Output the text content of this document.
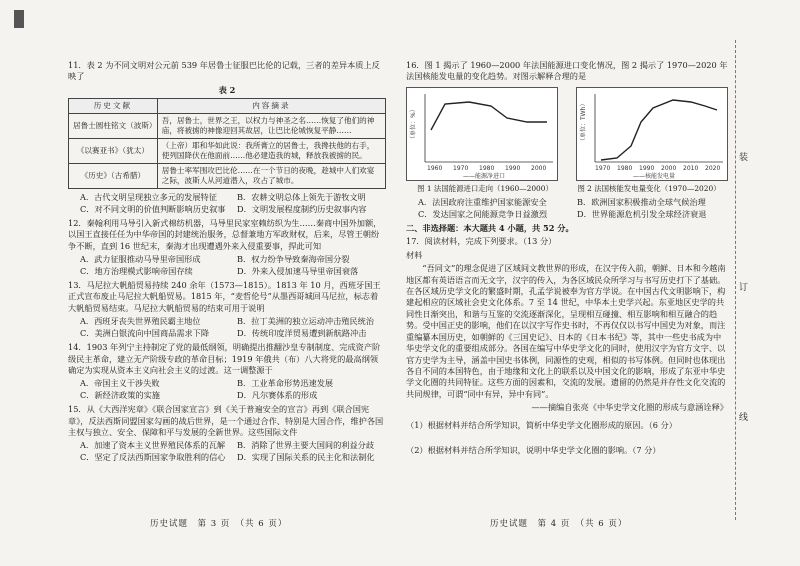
11．表 2 为不同文明对公元前 539 年居鲁士征服巴比伦的记载，三者的差异本质上反映了

表 2

历史文献	内容摘录
居鲁士圆柱铭文（波斯）	吾，居鲁士，世界之王，以权力与神圣之名……恢复了他们的神庙，将被掳的神像迎回其故居，让巴比伦城恢复平静……
《以赛亚书》（犹太）	（上帝）耶和华如此说：我所膏立的居鲁士，我搀扶他的右手，使列国降伏在他面前……他必建造我的城，释放我被掳的民。
《历史》（古希腊）	居鲁士率军围攻巴比伦……在一个节日的夜晚，趁城中人们欢宴之际，波斯人从河道潜入，攻占了城市。
A．古代文明呈现独立多元的发展特征	B．农耕文明总体上领先于游牧文明
C．对不同文明的价值判断影响历史叙事	D．文明发展程度制约历史叙事内容

12．秦翰利用马导引入新式棉纺机器，马导里民家室赖纺织为生……秦商中国外加额，以国王直接任任为中华帝国的封建统治服务，总督兼地方军政财权，后来，尽管王朝纷争不断，直到 16 世纪末，秦海才出现遭遇外来入侵重要事，捍此可知

A．武力征服推动马导里帝国形成	B．权力纷争导致秦海帝国分裂
C．地方治理模式影响帝国存续	D．外来入侵加速马导里帝国衰落

13．马尼拉大帆船贸易持续 240 余年（1573—1815）。1813 年 10 月，西班牙国王正式宣布废止马尼拉大帆船贸易。1815 年，“麦哲伦号”从墨西哥城回马尼拉，标志着大帆船贸易结束。马尼拉大帆船贸易的结束可用于说明

A．西班牙丧失世界殖民霸主地位	B．拉丁美洲的独立运动冲击殖民统治
C．美洲白银流向中国商品需求下降	D．传统印度洋贸易遭到新航路冲击

14．1903 年列宁主持制定了党的最低纲领，明确提出推翻沙皇专制制度、完成资产阶级民主革命，建立无产阶级专政的革命目标；1919 年俄共（布）八大将党的最高纲领确定为实现从资本主义向社会主义的过渡。这一调整源于

A．帝国主义干涉失败	B．工业革命形势迅速发展
C．新经济政策的实施	D．凡尔赛体系的形成

15．从《大西洋宪章》《联合国家宣言》到《关于普遍安全的宣言》再到《联合国宪章》，反法西斯同盟国家勾画的战后世界，是一个通过合作、特别是大国合作，维护各国主权与独立、安全、保障和平与发展的全新世界。这些国际文件

A．加速了资本主义世界殖民体系的瓦解	B．消除了世界主要大国间的利益分歧
C．坚定了反法西斯国家争取胜利的信心	D．实现了国际关系的民主化和法制化
历史试题　第 3 页　（共 6 页）

16．图 1 揭示了 1960—2000 年法国能源进口变化情况，图 2 揭示了 1970—2020 年法国核能发电量的变化趋势。对图示解释合理的是

（单位：%）
1960 1970 1980 1990 2000
——能源净进口
（单位：TWh）
1970 1980 1990 2000 2010 2020
——核能发电量
图 1 法国能源进口走向（1960—2000）	图 2 法国核能发电量变化（1970—2020）
A．法国政府注重维护国家能源安全	B．欧洲国家积极推动全球气候治理
C．发达国家之间能源竞争日益激烈	D．世界能源危机引发全球经济衰退

二、非选择题：本大题共 4 小题，共 52 分。

17．阅读材料，完成下列要求。（13 分）

材料

“吾同文”的理念促进了区域间文教世界的形成，在汉字传入前，朝鲜、日本和今越南地区都有英语语言而无文字，汉字的传入，为各区域民众所学习与书写历史打下了基础。在各区域历史学文化的繁盛时期，孔孟学说被奉为官方学说。在中国古代文明影响下，构建起相应的区域社会史文化体系。7 至 14 世纪，中华本土史学兴起。东亚地区史学的共同性日渐突出，和谐与互鉴的交流逐渐深化，呈现相互碰撞、相互影响和相互融合的趋势。受中国正史的影响，他们在以汉字写作史书时，不再仅仅以书写中国史为对象，而注重编纂本国历史，如朝鲜的《三国史记》、日本的《日本书纪》等，其中一些史书成为中华史学文化的重要组成部分。各国在编写中华史学文化的同时，使用汉字为官方文字、以官方史学为主导，涵盖中国史书体例，同源性的史观，相似的书写体例。但同时也体现出各自不同的本国特色，由于地缘和文化上的联系以及中国文化的影响，形成了东亚中华史学文化圈的共同特征。这些方面的因素和，交流的发展。遗留的仍然是并存性文化交流的共同规律，可谓“同中有异，异中有同”。

——摘编自张亮《中华史学文化圈的形成与意涵诠释》

（1）根据材料并结合所学知识，简析中华史学文化圈形成的原因。（6 分）

（2）根据材料并结合所学知识，说明中华史学文化圈的影响。（7 分）

历史试题　第 4 页　（共 6 页）
装
订
线
